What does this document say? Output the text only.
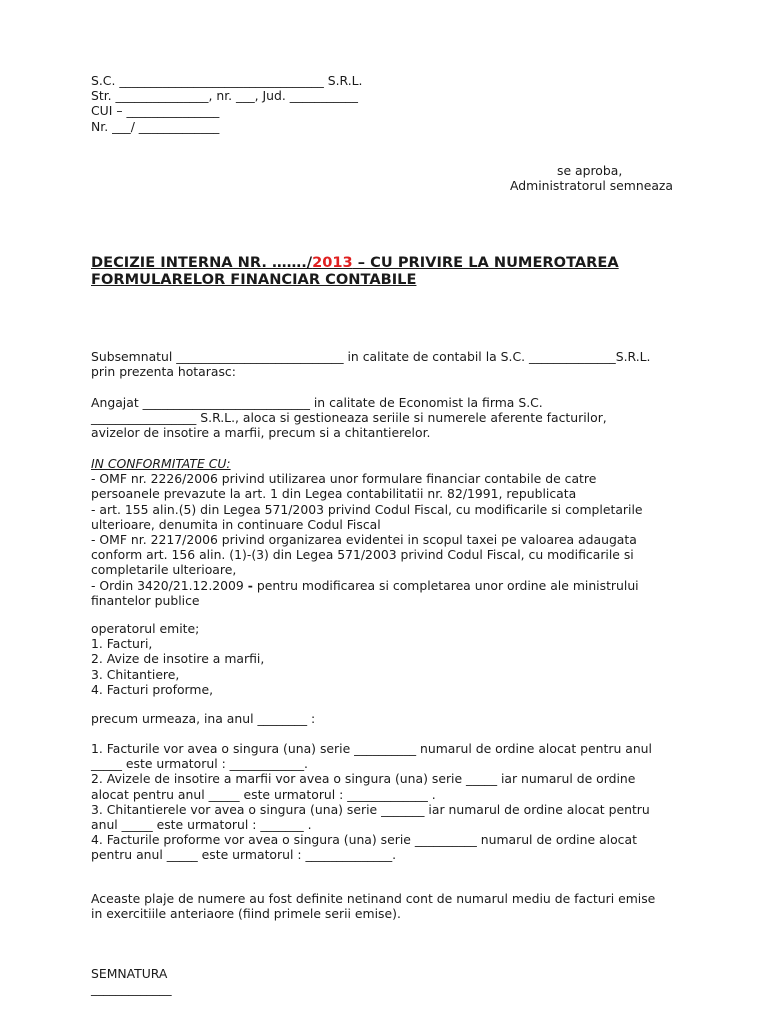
S.C. _________________________________ S.R.L.
Str. _______________, nr. ___, Jud. ___________
CUI – _______________
Nr. ___/ _____________
se aproba,
Administratorul semneaza
DECIZIE INTERNA NR. ……./2013 – CU PRIVIRE LA NUMEROTAREA
FORMULARELOR FINANCIAR CONTABILE
Subsemnatul ___________________________ in calitate de contabil la S.C. ______________S.R.L.
prin prezenta hotarasc:
Angajat ___________________________ in calitate de Economist la firma S.C.
_________________ S.R.L., aloca si gestioneaza seriile si numerele aferente facturilor,
avizelor de insotire a marfii, precum si a chitantierelor.
IN CONFORMITATE CU:
- OMF nr. 2226/2006 privind utilizarea unor formulare financiar contabile de catre
persoanele prevazute la art. 1 din Legea contabilitatii nr. 82/1991, republicata
- art. 155 alin.(5) din Legea 571/2003 privind Codul Fiscal, cu modificarile si completarile
ulterioare, denumita in continuare Codul Fiscal
- OMF nr. 2217/2006 privind organizarea evidentei in scopul taxei pe valoarea adaugata
conform art. 156 alin. (1)-(3) din Legea 571/2003 privind Codul Fiscal, cu modificarile si
completarile ulterioare,
- Ordin 3420/21.12.2009 - pentru modificarea si completarea unor ordine ale ministrului
finantelor publice
operatorul emite;
1. Facturi,
2. Avize de insotire a marfii,
3. Chitantiere,
4. Facturi proforme,
precum urmeaza, ina anul ________ :
1. Facturile vor avea o singura (una) serie __________ numarul de ordine alocat pentru anul
_____ este urmatorul : ____________.
2. Avizele de insotire a marfii vor avea o singura (una) serie _____ iar numarul de ordine
alocat pentru anul _____ este urmatorul : _____________ .
3. Chitantierele vor avea o singura (una) serie _______ iar numarul de ordine alocat pentru
anul _____ este urmatorul : _______ .
4. Facturile proforme vor avea o singura (una) serie __________ numarul de ordine alocat
pentru anul _____ este urmatorul : ______________.
Aceaste plaje de numere au fost definite netinand cont de numarul mediu de facturi emise
in exercitiile anteriaore (fiind primele serii emise).
SEMNATURA
_____________
